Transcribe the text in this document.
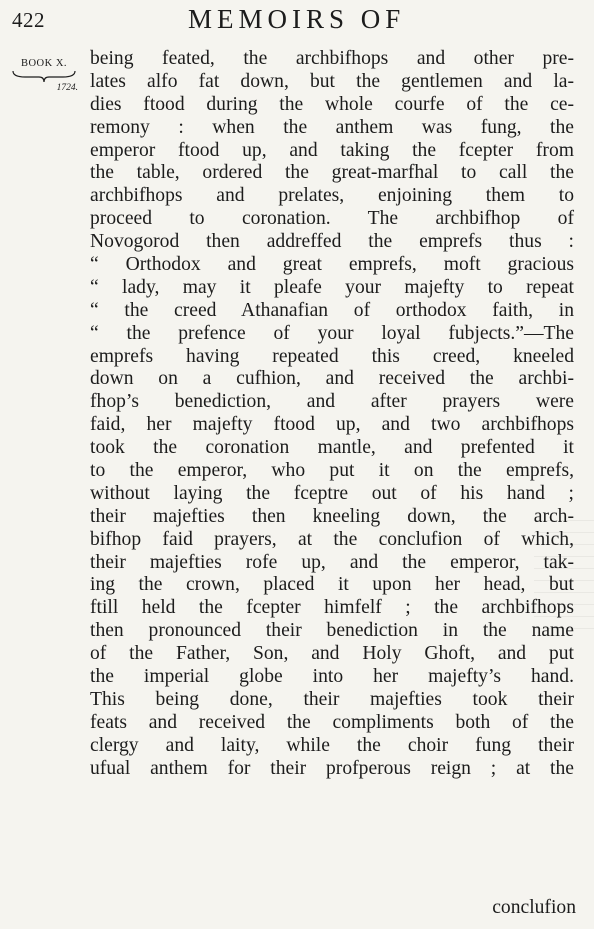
422	MEMOIRS OF
BOOK X.
1724.
being feated, the archbifhops and other pre-
lates alfo fat down, but the gentlemen and la-
dies ftood during the whole courfe of the ce-
remony : when the anthem was fung, the
emperor ftood up, and taking the fcepter from
the table, ordered the great-marfhal to call the
archbifhops and prelates, enjoining them to
proceed to coronation. The archbifhop of
Novogorod then addreffed the emprefs thus :
“ Orthodox and great emprefs, moft gracious
“ lady, may it pleafe your majefty to repeat
“ the creed Athanafian of orthodox faith, in
“ the prefence of your loyal fubjects.”—The
emprefs having repeated this creed, kneeled
down on a cufhion, and received the archbi-
fhop’s benediction, and after prayers were
faid, her majefty ftood up, and two archbifhops
took the coronation mantle, and prefented it
to the emperor, who put it on the emprefs,
without laying the fceptre out of his hand ;
their majefties then kneeling down, the arch-
bifhop faid prayers, at the conclufion of which,
their majefties rofe up, and the emperor, tak-
ing the crown, placed it upon her head, but
ftill held the fcepter himfelf ; the archbifhops
then pronounced their benediction in the name
of the Father, Son, and Holy Ghoft, and put
the imperial globe into her majefty’s hand.
This being done, their majefties took their
feats and received the compliments both of the
clergy and laity, while the choir fung their
ufual anthem for their profperous reign ; at the
conclufion
